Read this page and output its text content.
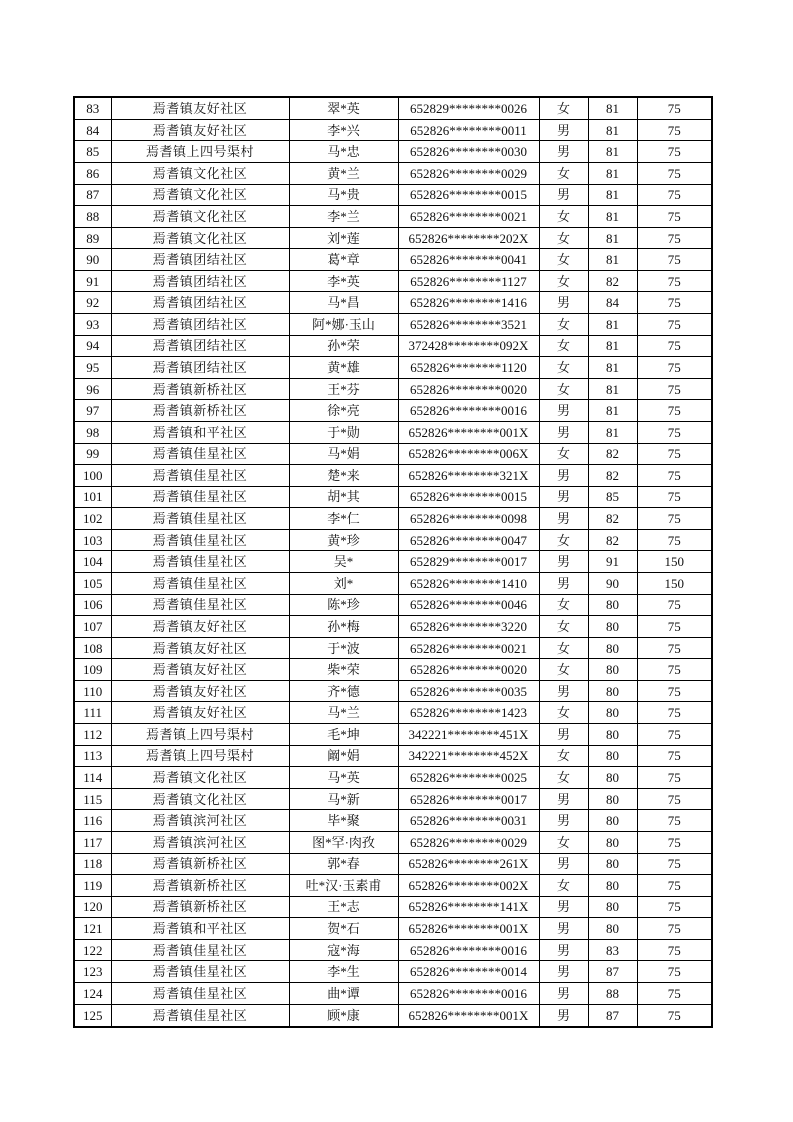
83	焉耆镇友好社区	翠*英	652829********0026	女	81	75
84	焉耆镇友好社区	李*兴	652826********0011	男	81	75
85	焉耆镇上四号渠村	马*忠	652826********0030	男	81	75
86	焉耆镇文化社区	黄*兰	652826********0029	女	81	75
87	焉耆镇文化社区	马*贵	652826********0015	男	81	75
88	焉耆镇文化社区	李*兰	652826********0021	女	81	75
89	焉耆镇文化社区	刘*莲	652826********202X	女	81	75
90	焉耆镇团结社区	葛*章	652826********0041	女	81	75
91	焉耆镇团结社区	李*英	652826********1127	女	82	75
92	焉耆镇团结社区	马*昌	652826********1416	男	84	75
93	焉耆镇团结社区	阿*娜·玉山	652826********3521	女	81	75
94	焉耆镇团结社区	孙*荣	372428********092X	女	81	75
95	焉耆镇团结社区	黄*雄	652826********1120	女	81	75
96	焉耆镇新桥社区	王*芬	652826********0020	女	81	75
97	焉耆镇新桥社区	徐*亮	652826********0016	男	81	75
98	焉耆镇和平社区	于*勋	652826********001X	男	81	75
99	焉耆镇佳星社区	马*娟	652826********006X	女	82	75
100	焉耆镇佳星社区	楚*来	652826********321X	男	82	75
101	焉耆镇佳星社区	胡*其	652826********0015	男	85	75
102	焉耆镇佳星社区	李*仁	652826********0098	男	82	75
103	焉耆镇佳星社区	黄*珍	652826********0047	女	82	75
104	焉耆镇佳星社区	吴*	652829********0017	男	91	150
105	焉耆镇佳星社区	刘*	652826********1410	男	90	150
106	焉耆镇佳星社区	陈*珍	652826********0046	女	80	75
107	焉耆镇友好社区	孙*梅	652826********3220	女	80	75
108	焉耆镇友好社区	于*波	652826********0021	女	80	75
109	焉耆镇友好社区	柴*荣	652826********0020	女	80	75
110	焉耆镇友好社区	齐*德	652826********0035	男	80	75
111	焉耆镇友好社区	马*兰	652826********1423	女	80	75
112	焉耆镇上四号渠村	毛*坤	342221********451X	男	80	75
113	焉耆镇上四号渠村	阚*娟	342221********452X	女	80	75
114	焉耆镇文化社区	马*英	652826********0025	女	80	75
115	焉耆镇文化社区	马*新	652826********0017	男	80	75
116	焉耆镇滨河社区	毕*聚	652826********0031	男	80	75
117	焉耆镇滨河社区	图*罕·肉孜	652826********0029	女	80	75
118	焉耆镇新桥社区	郭*春	652826********261X	男	80	75
119	焉耆镇新桥社区	吐*汉·玉素甫	652826********002X	女	80	75
120	焉耆镇新桥社区	王*志	652826********141X	男	80	75
121	焉耆镇和平社区	贺*石	652826********001X	男	80	75
122	焉耆镇佳星社区	寇*海	652826********0016	男	83	75
123	焉耆镇佳星社区	李*生	652826********0014	男	87	75
124	焉耆镇佳星社区	曲*谭	652826********0016	男	88	75
125	焉耆镇佳星社区	顾*康	652826********001X	男	87	75
